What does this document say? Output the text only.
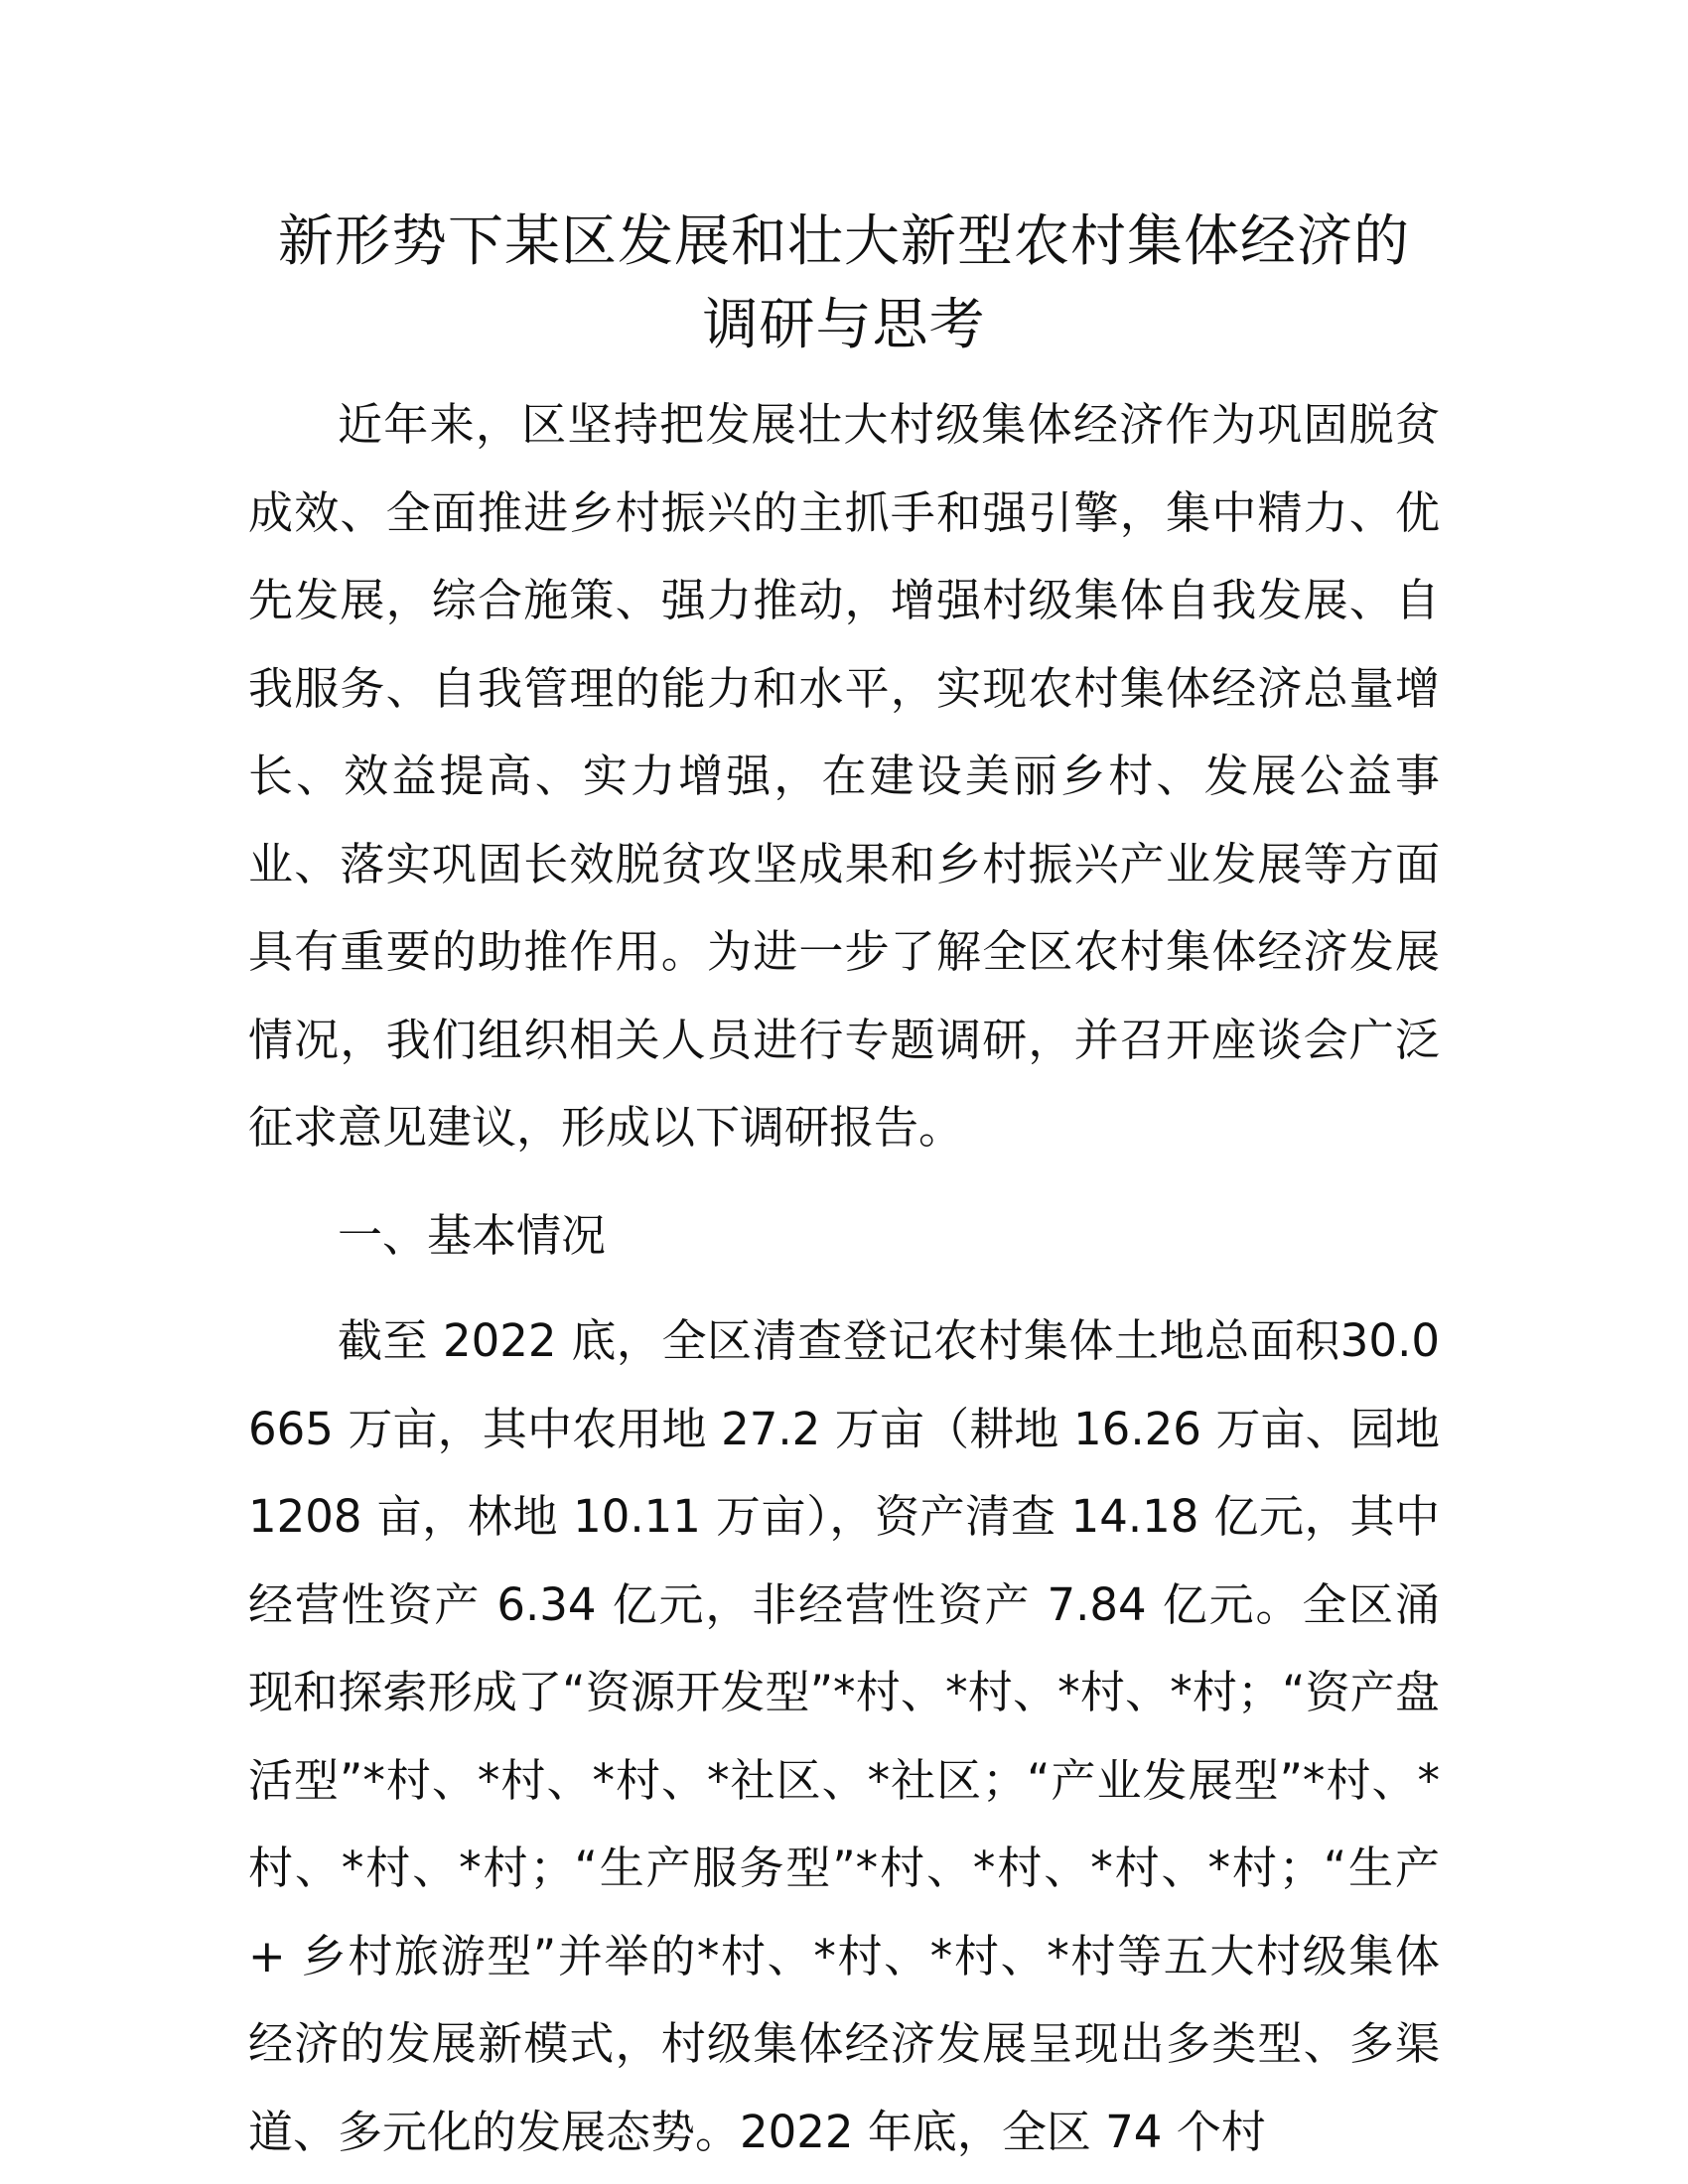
新形势下某区发展和壮大新型农村集体经济的
调研与思考

近年来，区坚持把发展壮大村级集体经济作为巩固脱贫成效、全面推进乡村振兴的主抓手和强引擎，集中精力、优先发展，综合施策、强力推动，增强村级集体自我发展、自我服务、自我管理的能力和水平，实现农村集体经济总量增长、效益提高、实力增强，在建设美丽乡村、发展公益事业、落实巩固长效脱贫攻坚成果和乡村振兴产业发展等方面具有重要的助推作用。为进一步了解全区农村集体经济发展情况，我们组织相关人员进行专题调研，并召开座谈会广泛征求意见建议，形成以下调研报告。

一、基本情况

截至 2022 底，全区清查登记农村集体土地总面积30.0665 万亩，其中农用地 27.2 万亩（耕地 16.26 万亩、园地 1208 亩，林地 10.11 万亩），资产清查 14.18 亿元，其中经营性资产 6.34 亿元，非经营性资产 7.84 亿元。全区涌现和探索形成了“资源开发型”*村、*村、*村、*村；“资产盘活型”*村、*村、*村、*社区、*社区；“产业发展型”*村、*村、*村、*村；“生产服务型”*村、*村、*村、*村；“生产 + 乡村旅游型”并举的*村、*村、*村、*村等五大村级集体经济的发展新模式，村级集体经济发展呈现出多类型、多渠道、多元化的发展态势。2022 年底，全区 74 个村
